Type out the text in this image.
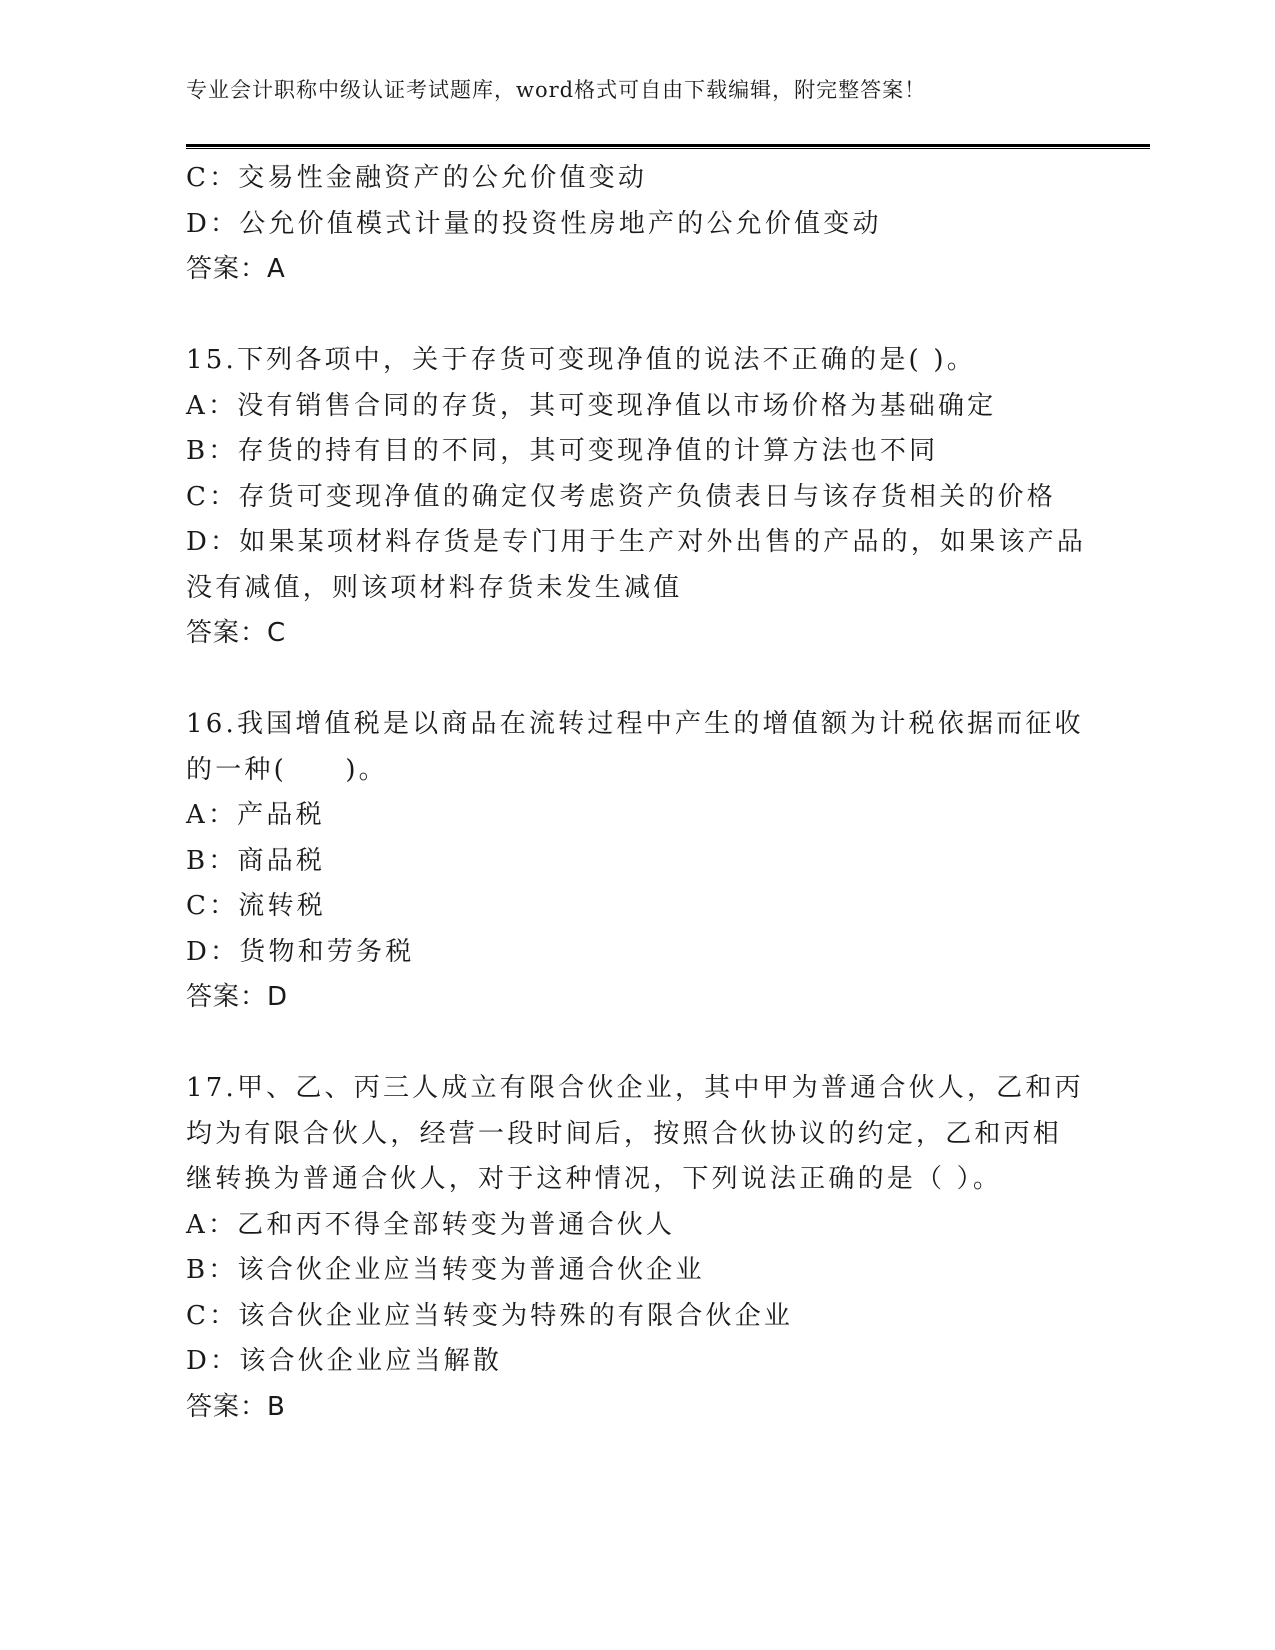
专业会计职称中级认证考试题库，word格式可自由下载编辑，附完整答案！
C：交易性金融资产的公允价值变动
D：公允价值模式计量的投资性房地产的公允价值变动
答案：A
15.下列各项中，关于存货可变现净值的说法不正确的是( )。
A：没有销售合同的存货，其可变现净值以市场价格为基础确定
B：存货的持有目的不同，其可变现净值的计算方法也不同
C：存货可变现净值的确定仅考虑资产负债表日与该存货相关的价格
D：如果某项材料存货是专门用于生产对外出售的产品的，如果该产品
没有减值，则该项材料存货未发生减值
答案：C
16.我国增值税是以商品在流转过程中产生的增值额为计税依据而征收
的一种(　　)。
A：产品税
B：商品税
C：流转税
D：货物和劳务税
答案：D
17.甲、乙、丙三人成立有限合伙企业，其中甲为普通合伙人，乙和丙
均为有限合伙人，经营一段时间后，按照合伙协议的约定，乙和丙相
继转换为普通合伙人，对于这种情况，下列说法正确的是（ ）。
A：乙和丙不得全部转变为普通合伙人
B：该合伙企业应当转变为普通合伙企业
C：该合伙企业应当转变为特殊的有限合伙企业
D：该合伙企业应当解散
答案：B
